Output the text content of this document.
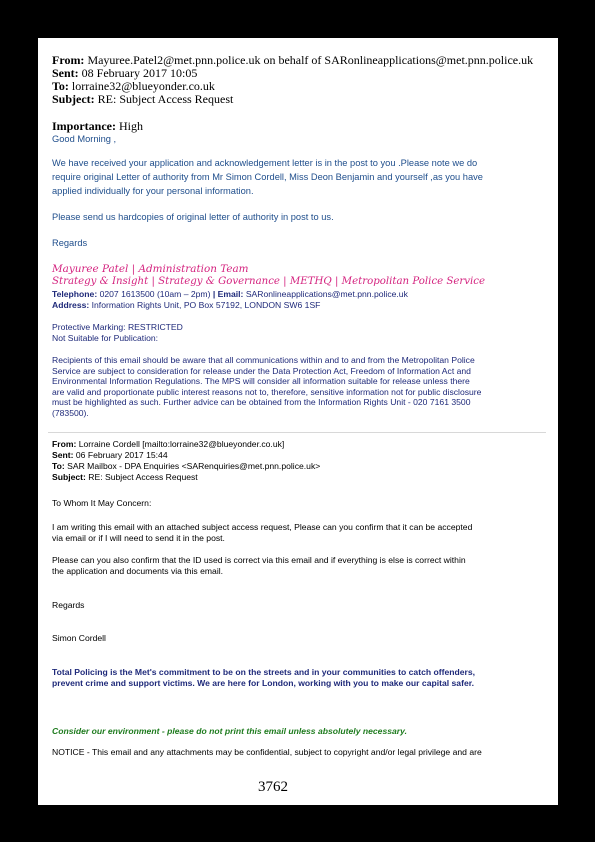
From: Mayuree.Patel2@met.pnn.police.uk on behalf of SARonlineapplications@met.pnn.police.uk
Sent: 08 February 2017 10:05
To: lorraine32@blueyonder.co.uk
Subject: RE: Subject Access Request
Importance: High
Good Morning ,
We have received your application and acknowledgement letter is in the post to you .Please note we do
require original Letter of authority from Mr Simon Cordell, Miss Deon Benjamin and yourself ,as you have
applied individually for your personal information.
Please send us hardcopies of original letter of authority in post to us.
Regards
Mayuree Patel | Administration Team
Strategy & Insight | Strategy & Governance | METHQ | Metropolitan Police Service
Telephone: 0207 1613500 (10am – 2pm) | Email: SARonlineapplications@met.pnn.police.uk
Address: Information Rights Unit, PO Box 57192, LONDON SW6 1SF
Protective Marking: RESTRICTED
Not Suitable for Publication:
Recipients of this email should be aware that all communications within and to and from the Metropolitan Police
Service are subject to consideration for release under the Data Protection Act, Freedom of Information Act and
Environmental Information Regulations. The MPS will consider all information suitable for release unless there
are valid and proportionate public interest reasons not to, therefore, sensitive information not for public disclosure
must be highlighted as such. Further advice can be obtained from the Information Rights Unit - 020 7161 3500
(783500).
From: Lorraine Cordell [mailto:lorraine32@blueyonder.co.uk]
Sent: 06 February 2017 15:44
To: SAR Mailbox - DPA Enquiries <SARenquiries@met.pnn.police.uk>
Subject: RE: Subject Access Request
To Whom It May Concern:
I am writing this email with an attached subject access request, Please can you confirm that it can be accepted
via email or if I will need to send it in the post.
Please can you also confirm that the ID used is correct via this email and if everything is else is correct within
the application and documents via this email.
Regards
Simon Cordell
Total Policing is the Met's commitment to be on the streets and in your communities to catch offenders,
prevent crime and support victims. We are here for London, working with you to make our capital safer.
Consider our environment - please do not print this email unless absolutely necessary.
NOTICE - This email and any attachments may be confidential, subject to copyright and/or legal privilege and are
3762
